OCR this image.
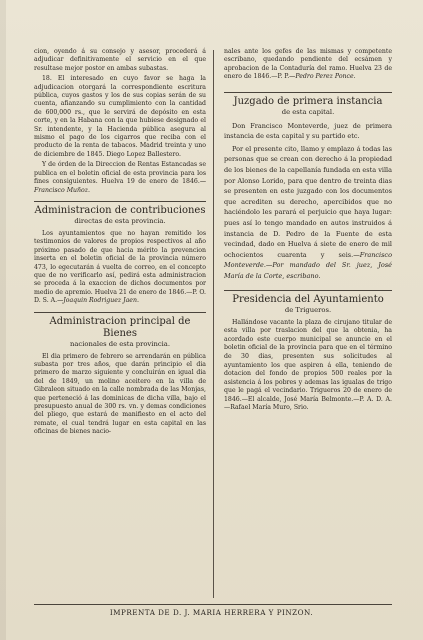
cion, oyendo á su consejo y asesor, procederá á adjudicar definitivamente el servicio en el que resultase mejor postor en ambas subastas.

18. El interesado en cuyo favor se haga la adjudicacion otorgará la correspondiente escritura pública, cuyos gastos y los de sus copias serán de su cuenta, afianzando su cumplimiento con la cantidad de 600,000 rs., que le servirá de depósito en esta corte, y en la Habana con la que hubiese designado el Sr. intendente, y la Hacienda pública asegura al mismo el pago de los cigarros que reciba con el producto de la renta de tabacos. Madrid treinta y uno de diciembre de 1845. Diego Lopez Ballestero.

Y de órden de la Direccion de Rentas Estancadas se publica en el boletin oficial de esta provincia para los fines consiguientes. Huelva 19 de enero de 1846.—Francisco Muñoz.

Administracion de contribuciones
directas de esta provincia.

Los ayuntamientos que no hayan remitido los testimonios de valores de propios respectivos al año próximo pasado de que hacia mérito la prevencion inserta en el boletin oficial de la provincia número 473, lo egecutarán á vuelta de correo, en el concepto que de no verificarlo así, pedirá esta administracion se proceda á la exaccion de dichos documentos por medio de apremio. Huelva 21 de enero de 1846.—P. O. D. S. A.—Joaquin Rodriguez Jaen.

Administracion principal de Bienes
nacionales de esta provincia.

El dia primero de febrero se arrendarán en pública subasta por tres años, que darán principio el dia primero de marzo siguiente y concluirán en igual dia del de 1849, un molino aceitero en la villa de Gibraleon situado en la calle nombrada de las Monjas, que perteneció á las dominicas de dicha villa, bajo el presupuesto anual de 300 rs. vn. y demas condiciones del pliego, que estará de manifiesto en el acto del remate, el cual tendrá lugar en esta capital en las oficinas de bienes nacio-

nales ante los gefes de las mismas y competente escribano, quedando pendiente del ecsámen y aprobacion de la Contaduría del ramo. Huelva 23 de enero de 1846.—P. P.—Pedro Perez Ponce.

Juzgado de primera instancia
de esta capital.

Don Francisco Monteverde, juez de primera instancia de esta capital y su partido etc.

Por el presente cito, llamo y emplazo á todas las personas que se crean con derecho á la propiedad de los bienes de la capellanía fundada en esta villa por Alonso Lorido, para que dentro de treinta dias se presenten en este juzgado con los documentos que acrediten su derecho, apercibidos que no haciéndolo les parará el perjuicio que haya lugar: pues así lo tengo mandado en autos instruidos á instancia de D. Pedro de la Fuente de esta vecindad, dado en Huelva á siete de enero de mil ochocientos cuarenta y seis.—Francisco Monteverde.—Por mandado del Sr. juez, José María de la Corte, escribano.

Presidencia del Ayuntamiento
de Trigueros.

Hallándose vacante la plaza de cirujano titular de esta villa por traslacion del que la obtenia, ha acordado este cuerpo municipal se anuncie en el boletin oficial de la provincia para que en el término de 30 dias, presenten sus solicitudes al ayuntamiento los que aspiren á ella, teniendo de dotacion del fondo de propios 500 reales por la asistencia á los pobres y ademas las igualas de trigo que le pagá el vecindario. Trigueros 20 de enero de 1846.—El alcalde, José María Belmonte.—P. A. D. A.—Rafael María Muro, Srio.

IMPRENTA DE D. J. MARIA HERRERA Y PINZON.
